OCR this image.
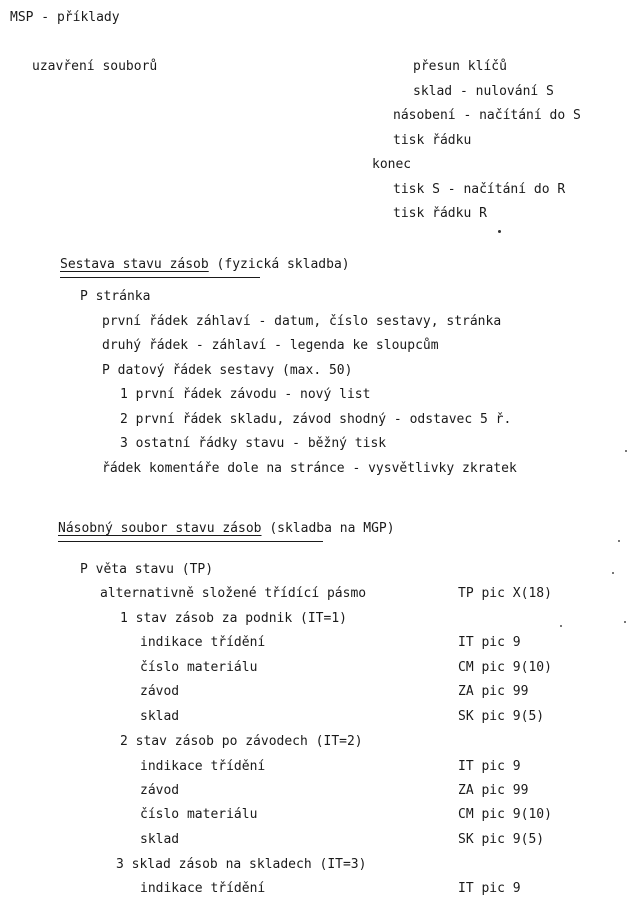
MSP - příklady
uzavření souborů	přesun klíčů
sklad - nulování S
násobení - načítání do S
tisk řádku
konec
tisk S - načítání do R
tisk řádku R
Sestava stavu zásob (fyzická skladba)
P stránka
první řádek záhlaví - datum, číslo sestavy, stránka
druhý řádek - záhlaví - legenda ke sloupcům
P datový řádek sestavy (max. 50)
1 první řádek závodu - nový list
2 první řádek skladu, závod shodný - odstavec 5 ř.
3 ostatní řádky stavu - běžný tisk
řádek komentáře dole na stránce - vysvětlivky zkratek
Násobný soubor stavu zásob (skladba na MGP)
P věta stavu (TP)
alternativně složené třídící pásmo	TP pic X(18)
1 stav zásob za podnik (IT=1)
indikace třídění	IT pic 9
číslo materiálu	CM pic 9(10)
závod	ZA pic 99
sklad	SK pic 9(5)
2 stav zásob po závodech (IT=2)
indikace třídění	IT pic 9
závod	ZA pic 99
číslo materiálu	CM pic 9(10)
sklad	SK pic 9(5)
3 sklad zásob na skladech (IT=3)
indikace třídění	IT pic 9
